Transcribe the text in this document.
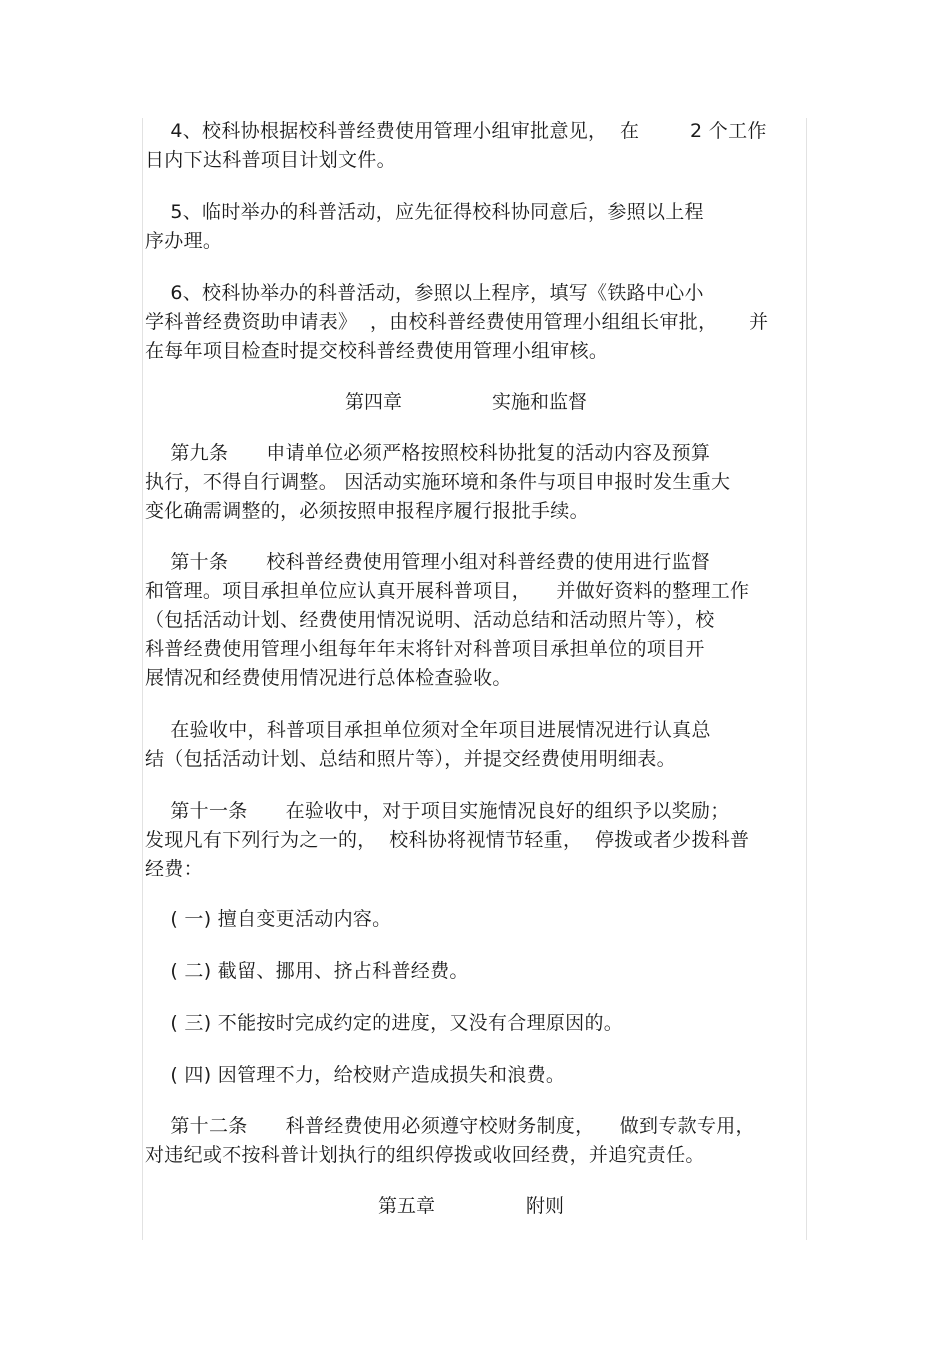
4、校科协根据校科普经费使用管理小组审批意见，  在        2 个工作
日内下达科普项目计划文件。
5、临时举办的科普活动，应先征得校科协同意后，参照以上程
序办理。
6、校科协举办的科普活动，参照以上程序，填写《铁路中心小
学科普经费资助申请表》  ，由校科普经费使用管理小组组长审批，     并
在每年项目检查时提交校科普经费使用管理小组审核。
第四章	实施和监督
第九条      申请单位必须严格按照校科协批复的活动内容及预算
执行，不得自行调整。 因活动实施环境和条件与项目申报时发生重大
变化确需调整的，必须按照申报程序履行报批手续。
第十条      校科普经费使用管理小组对科普经费的使用进行监督
和管理。项目承担单位应认真开展科普项目，    并做好资料的整理工作
（包括活动计划、经费使用情况说明、活动总结和活动照片等），校
科普经费使用管理小组每年年末将针对科普项目承担单位的项目开
展情况和经费使用情况进行总体检查验收。
在验收中，科普项目承担单位须对全年项目进展情况进行认真总
结（包括活动计划、总结和照片等），并提交经费使用明细表。
第十一条      在验收中，对于项目实施情况良好的组织予以奖励；
发现凡有下列行为之一的，  校科协将视情节轻重，  停拨或者少拨科普
经费：
( 一) 擅自变更活动内容。
( 二) 截留、挪用、挤占科普经费。
( 三) 不能按时完成约定的进度，又没有合理原因的。
( 四) 因管理不力，给校财产造成损失和浪费。
第十二条      科普经费使用必须遵守校财务制度，    做到专款专用，
对违纪或不按科普计划执行的组织停拨或收回经费，并追究责任。
第五章	附则
